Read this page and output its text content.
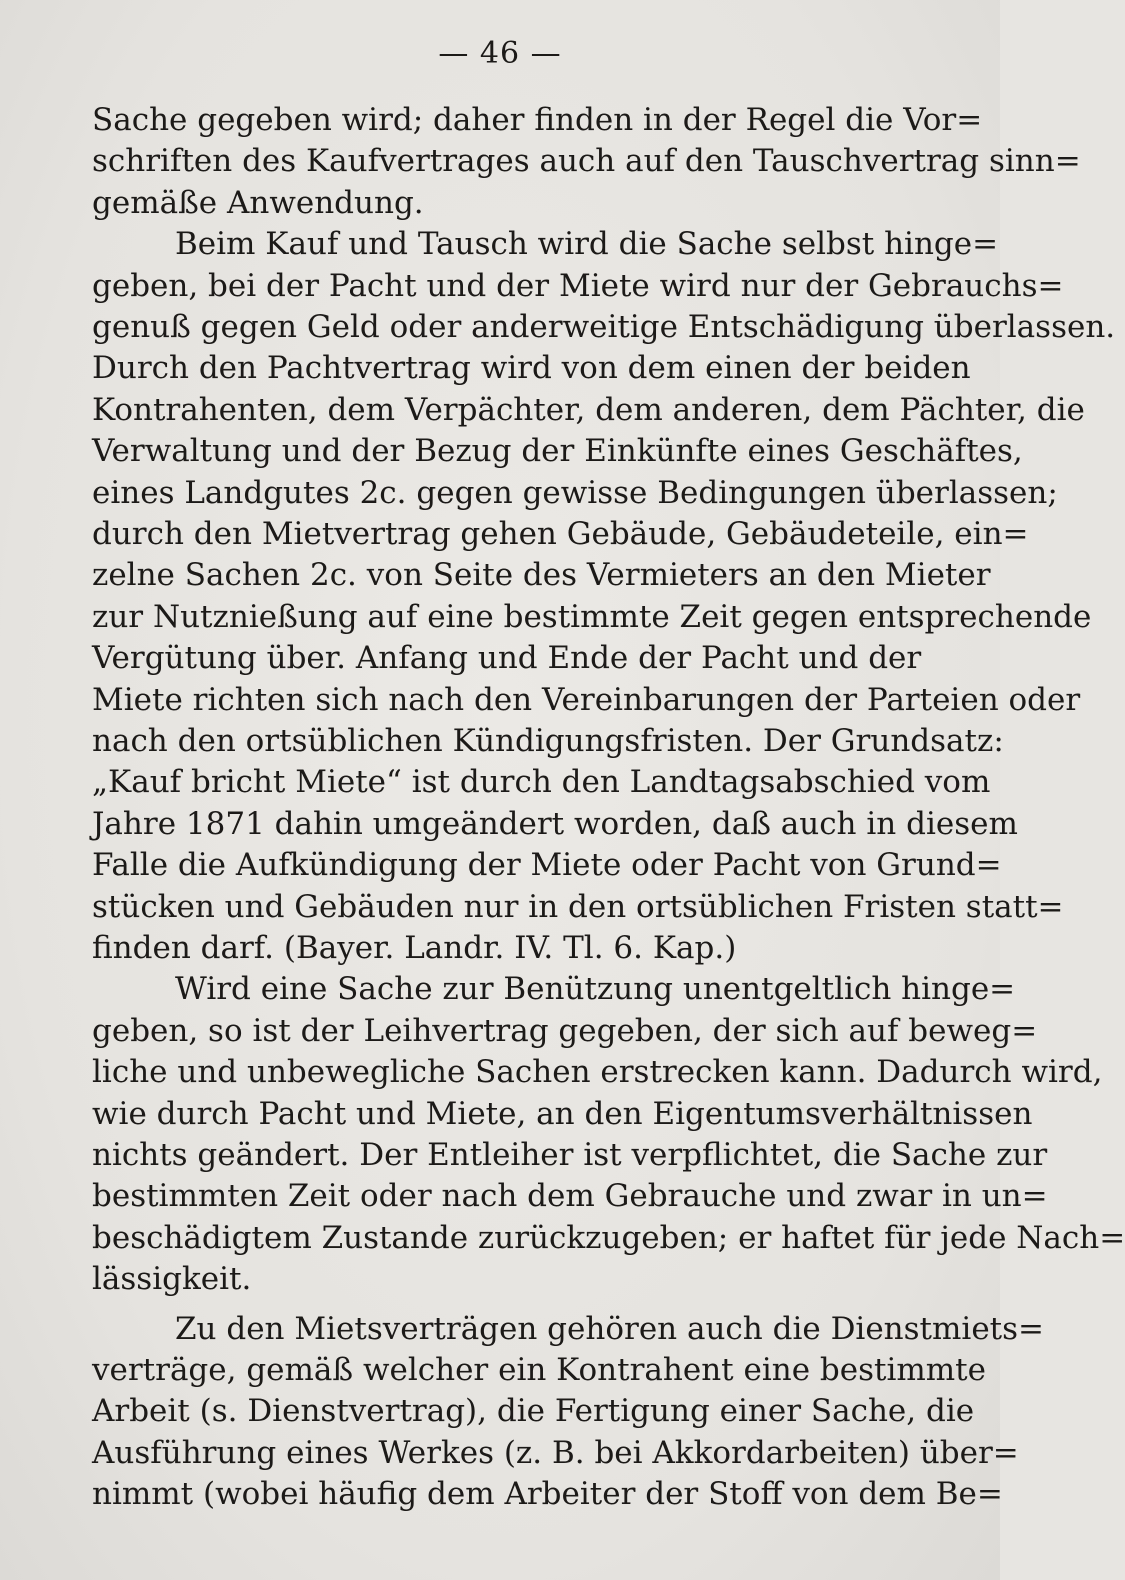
— 46 —
Sache gegeben wird; daher finden in der Regel die Vor=
schriften des Kaufvertrages auch auf den Tauschvertrag sinn=
gemäße Anwendung.
Beim Kauf und Tausch wird die Sache selbst hinge=
geben, bei der Pacht und der Miete wird nur der Gebrauchs=
genuß gegen Geld oder anderweitige Entschädigung überlassen.
Durch den Pachtvertrag wird von dem einen der beiden
Kontrahenten, dem Verpächter, dem anderen, dem Pächter, die
Verwaltung und der Bezug der Einkünfte eines Geschäftes,
eines Landgutes 2c. gegen gewisse Bedingungen überlassen;
durch den Mietvertrag gehen Gebäude, Gebäudeteile, ein=
zelne Sachen 2c. von Seite des Vermieters an den Mieter
zur Nutznießung auf eine bestimmte Zeit gegen entsprechende
Vergütung über. Anfang und Ende der Pacht und der
Miete richten sich nach den Vereinbarungen der Parteien oder
nach den ortsüblichen Kündigungsfristen. Der Grundsatz:
„Kauf bricht Miete“ ist durch den Landtagsabschied vom
Jahre 1871 dahin umgeändert worden, daß auch in diesem
Falle die Aufkündigung der Miete oder Pacht von Grund=
stücken und Gebäuden nur in den ortsüblichen Fristen statt=
finden darf. (Bayer. Landr. IV. Tl. 6. Kap.)
Wird eine Sache zur Benützung unentgeltlich hinge=
geben, so ist der Leihvertrag gegeben, der sich auf beweg=
liche und unbewegliche Sachen erstrecken kann. Dadurch wird,
wie durch Pacht und Miete, an den Eigentumsverhältnissen
nichts geändert. Der Entleiher ist verpflichtet, die Sache zur
bestimmten Zeit oder nach dem Gebrauche und zwar in un=
beschädigtem Zustande zurückzugeben; er haftet für jede Nach=
lässigkeit.
Zu den Mietsverträgen gehören auch die Dienstmiets=
verträge, gemäß welcher ein Kontrahent eine bestimmte
Arbeit (s. Dienstvertrag), die Fertigung einer Sache, die
Ausführung eines Werkes (z. B. bei Akkordarbeiten) über=
nimmt (wobei häufig dem Arbeiter der Stoff von dem Be=
